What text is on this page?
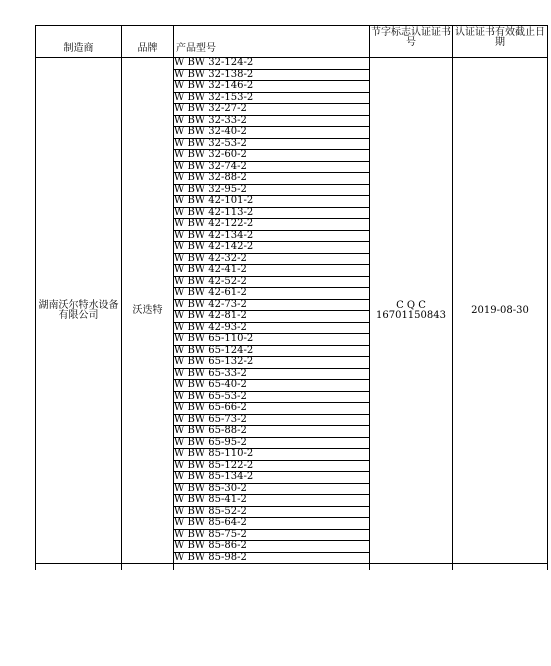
制造商	品牌	产品型号	节字标志认证证书号	认证证书有效截止日期
湖南沃尔特水设备有限公司	沃迭特	W BW 32-124-2	C Q C 16701150843	2019-08-30
		W BW 32-138-2		
		W BW 32-146-2		
		W BW 32-153-2		
		W BW 32-27-2		
		W BW 32-33-2		
		W BW 32-40-2		
		W BW 32-53-2		
		W BW 32-60-2		
		W BW 32-74-2		
		W BW 32-88-2		
		W BW 32-95-2		
		W BW 42-101-2		
		W BW 42-113-2		
		W BW 42-122-2		
		W BW 42-134-2		
		W BW 42-142-2		
		W BW 42-32-2		
		W BW 42-41-2		
		W BW 42-52-2		
		W BW 42-61-2		
		W BW 42-73-2		
		W BW 42-81-2		
		W BW 42-93-2		
		W BW 65-110-2		
		W BW 65-124-2		
		W BW 65-132-2		
		W BW 65-33-2		
		W BW 65-40-2		
		W BW 65-53-2		
		W BW 65-66-2		
		W BW 65-73-2		
		W BW 65-88-2		
		W BW 65-95-2		
		W BW 85-110-2		
		W BW 85-122-2		
		W BW 85-134-2		
		W BW 85-30-2		
		W BW 85-41-2		
		W BW 85-52-2		
		W BW 85-64-2		
		W BW 85-75-2		
		W BW 85-86-2		
		W BW 85-98-2		
